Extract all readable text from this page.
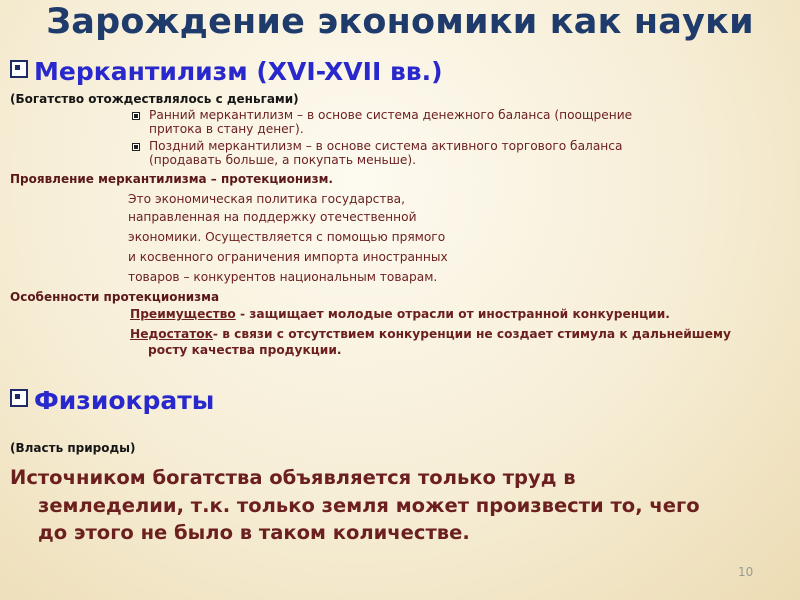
Зарождение экономики как науки
Меркантилизм (XVI-XVII вв.)
(Богатство отождествлялось с деньгами)
Ранний меркантилизм – в основе система денежного баланса (поощрение
притока в стану денег).
Поздний меркантилизм – в основе система активного торгового баланса
(продавать больше, а покупать меньше).
Проявление меркантилизма – протекционизм.
Это экономическая политика государства,
направленная на поддержку отечественной
экономики. Осуществляется с помощью прямого
и косвенного ограничения импорта иностранных
товаров – конкурентов национальным товарам.
Особенности протекционизма
Преимущество - защищает молодые отрасли от иностранной конкуренции.
Недостаток- в связи с отсутствием конкуренции не создает стимула к дальнейшему
росту качества продукции.
Физиократы
(Власть природы)
Источником богатства объявляется только труд в
земледелии, т.к. только земля может произвести то, чего
до этого не было в таком количестве.
10
